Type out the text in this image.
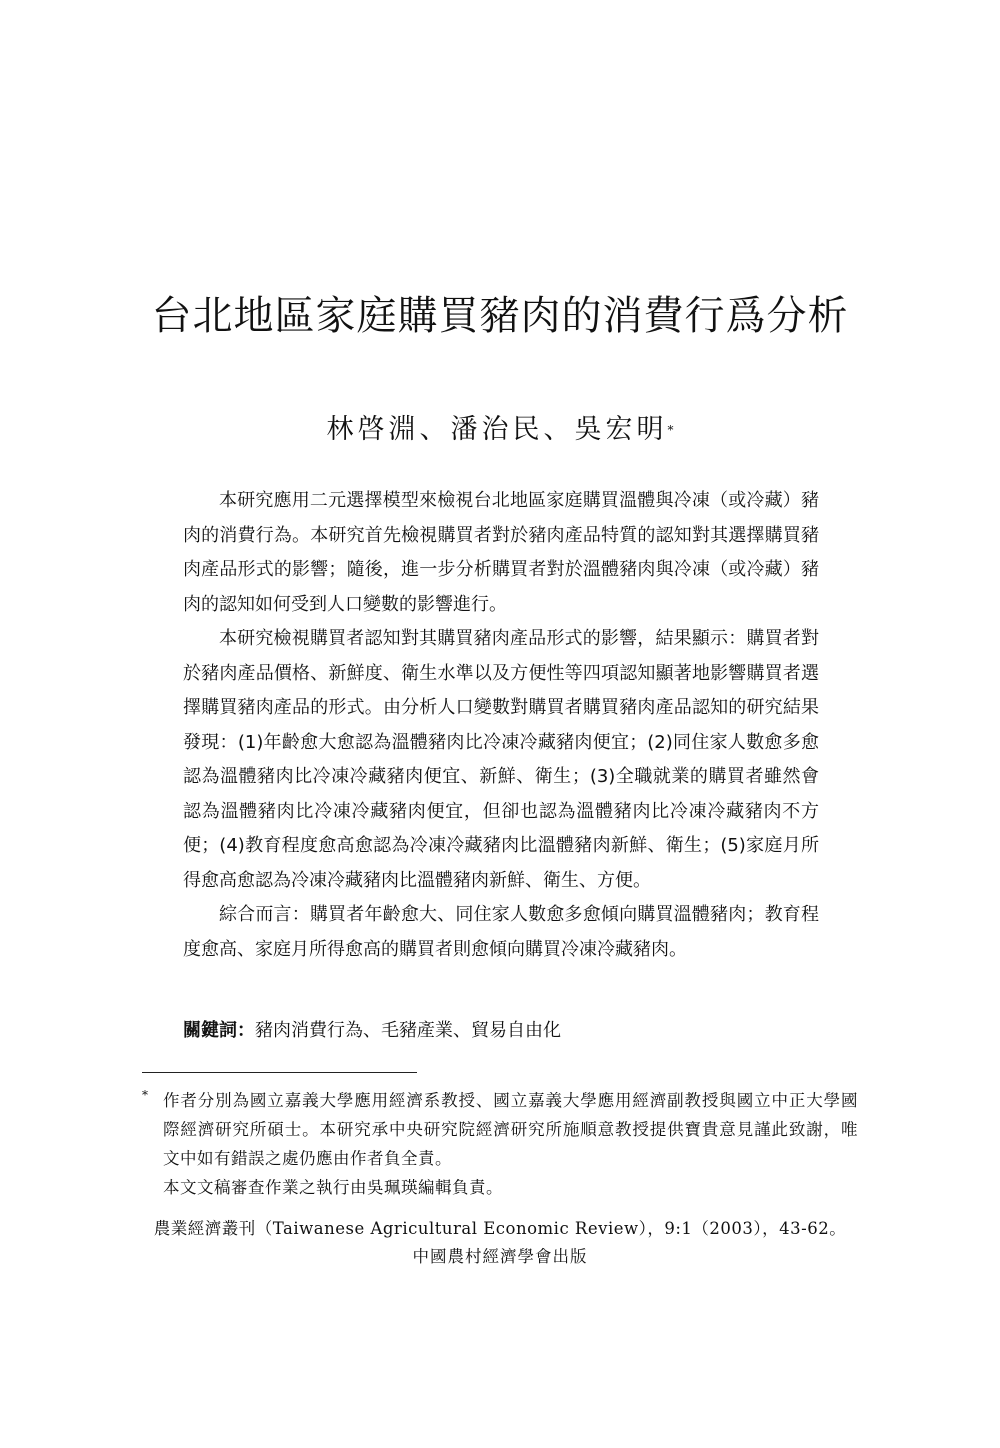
台北地區家庭購買豬肉的消費行爲分析
林啓淵、潘治民、吳宏明*

本研究應用二元選擇模型來檢視台北地區家庭購買溫體與冷凍（或冷藏）豬肉的消費行為。本研究首先檢視購買者對於豬肉產品特質的認知對其選擇購買豬肉產品形式的影響；隨後，進一步分析購買者對於溫體豬肉與冷凍（或冷藏）豬肉的認知如何受到人口變數的影響進行。

本研究檢視購買者認知對其購買豬肉產品形式的影響，結果顯示：購買者對於豬肉產品價格、新鮮度、衛生水準以及方便性等四項認知顯著地影響購買者選擇購買豬肉產品的形式。由分析人口變數對購買者購買豬肉產品認知的研究結果發現：(1)年齡愈大愈認為溫體豬肉比冷凍冷藏豬肉便宜；(2)同住家人數愈多愈認為溫體豬肉比冷凍冷藏豬肉便宜、新鮮、衛生；(3)全職就業的購買者雖然會認為溫體豬肉比冷凍冷藏豬肉便宜，但卻也認為溫體豬肉比冷凍冷藏豬肉不方便；(4)教育程度愈高愈認為冷凍冷藏豬肉比溫體豬肉新鮮、衛生；(5)家庭月所得愈高愈認為冷凍冷藏豬肉比溫體豬肉新鮮、衛生、方便。

綜合而言：購買者年齡愈大、同住家人數愈多愈傾向購買溫體豬肉；教育程度愈高、家庭月所得愈高的購買者則愈傾向購買冷凍冷藏豬肉。

關鍵詞：豬肉消費行為、毛豬產業、貿易自由化
* 作者分別為國立嘉義大學應用經濟系教授、國立嘉義大學應用經濟副教授與國立中正大學國際經濟研究所碩士。本研究承中央研究院經濟研究所施順意教授提供寶貴意見謹此致謝，唯文中如有錯誤之處仍應由作者負全責。

本文文稿審查作業之執行由吳珮瑛編輯負責。

農業經濟叢刊（Taiwanese Agricultural Economic Review），9:1（2003），43-62。
中國農村經濟學會出版
